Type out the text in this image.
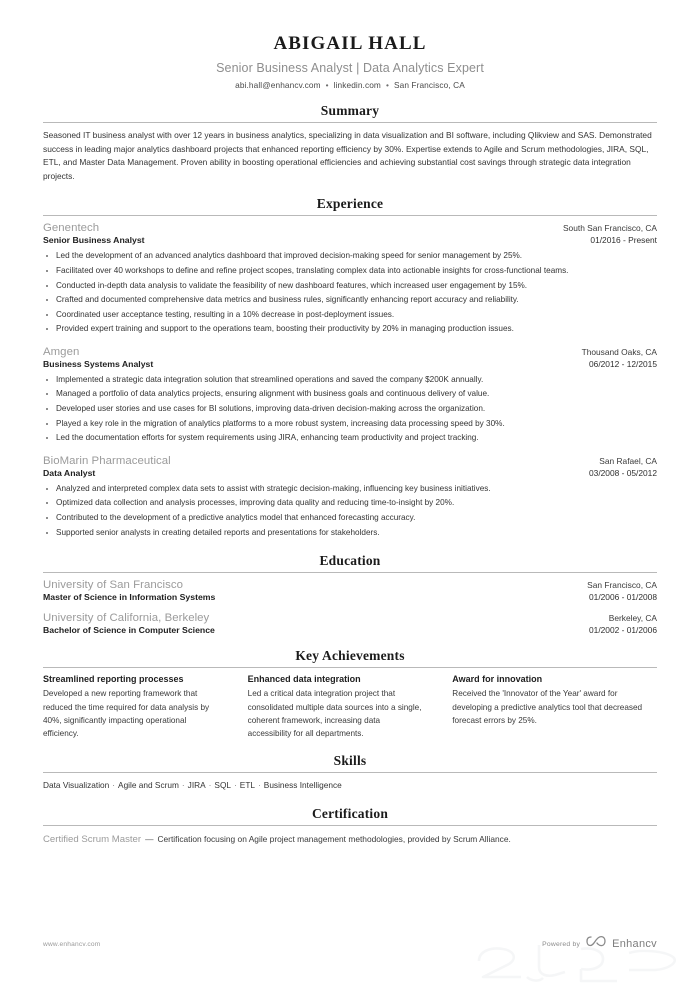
ABIGAIL HALL
Senior Business Analyst | Data Analytics Expert
abi.hall@enhancv.com • linkedin.com • San Francisco, CA
Summary
Seasoned IT business analyst with over 12 years in business analytics, specializing in data visualization and BI software, including Qlikview and SAS. Demonstrated success in leading major analytics dashboard projects that enhanced reporting efficiency by 30%. Expertise extends to Agile and Scrum methodologies, JIRA, SQL, ETL, and Master Data Management. Proven ability in boosting operational efficiencies and achieving substantial cost savings through strategic data integration projects.
Experience
Genentech	South San Francisco, CA
Senior Business Analyst	01/2016 - Present
Led the development of an advanced analytics dashboard that improved decision-making speed for senior management by 25%.
Facilitated over 40 workshops to define and refine project scopes, translating complex data into actionable insights for cross-functional teams.
Conducted in-depth data analysis to validate the feasibility of new dashboard features, which increased user engagement by 15%.
Crafted and documented comprehensive data metrics and business rules, significantly enhancing report accuracy and reliability.
Coordinated user acceptance testing, resulting in a 10% decrease in post-deployment issues.
Provided expert training and support to the operations team, boosting their productivity by 20% in managing production issues.
Amgen	Thousand Oaks, CA
Business Systems Analyst	06/2012 - 12/2015
Implemented a strategic data integration solution that streamlined operations and saved the company $200K annually.
Managed a portfolio of data analytics projects, ensuring alignment with business goals and continuous delivery of value.
Developed user stories and use cases for BI solutions, improving data-driven decision-making across the organization.
Played a key role in the migration of analytics platforms to a more robust system, increasing data processing speed by 30%.
Led the documentation efforts for system requirements using JIRA, enhancing team productivity and project tracking.
BioMarin Pharmaceutical	San Rafael, CA
Data Analyst	03/2008 - 05/2012
Analyzed and interpreted complex data sets to assist with strategic decision-making, influencing key business initiatives.
Optimized data collection and analysis processes, improving data quality and reducing time-to-insight by 20%.
Contributed to the development of a predictive analytics model that enhanced forecasting accuracy.
Supported senior analysts in creating detailed reports and presentations for stakeholders.
Education
University of San Francisco	San Francisco, CA
Master of Science in Information Systems	01/2006 - 01/2008
University of California, Berkeley	Berkeley, CA
Bachelor of Science in Computer Science	01/2002 - 01/2006
Key Achievements
Streamlined reporting processes
Developed a new reporting framework that reduced the time required for data analysis by 40%, significantly impacting operational efficiency.
Enhanced data integration
Led a critical data integration project that consolidated multiple data sources into a single, coherent framework, increasing data accessibility for all departments.
Award for innovation
Received the 'Innovator of the Year' award for developing a predictive analytics tool that decreased forecast errors by 25%.
Skills
Data Visualization · Agile and Scrum · JIRA · SQL · ETL · Business Intelligence
Certification
Certified Scrum Master — Certification focusing on Agile project management methodologies, provided by Scrum Alliance.
www.enhancv.com	Powered by	Enhancv
